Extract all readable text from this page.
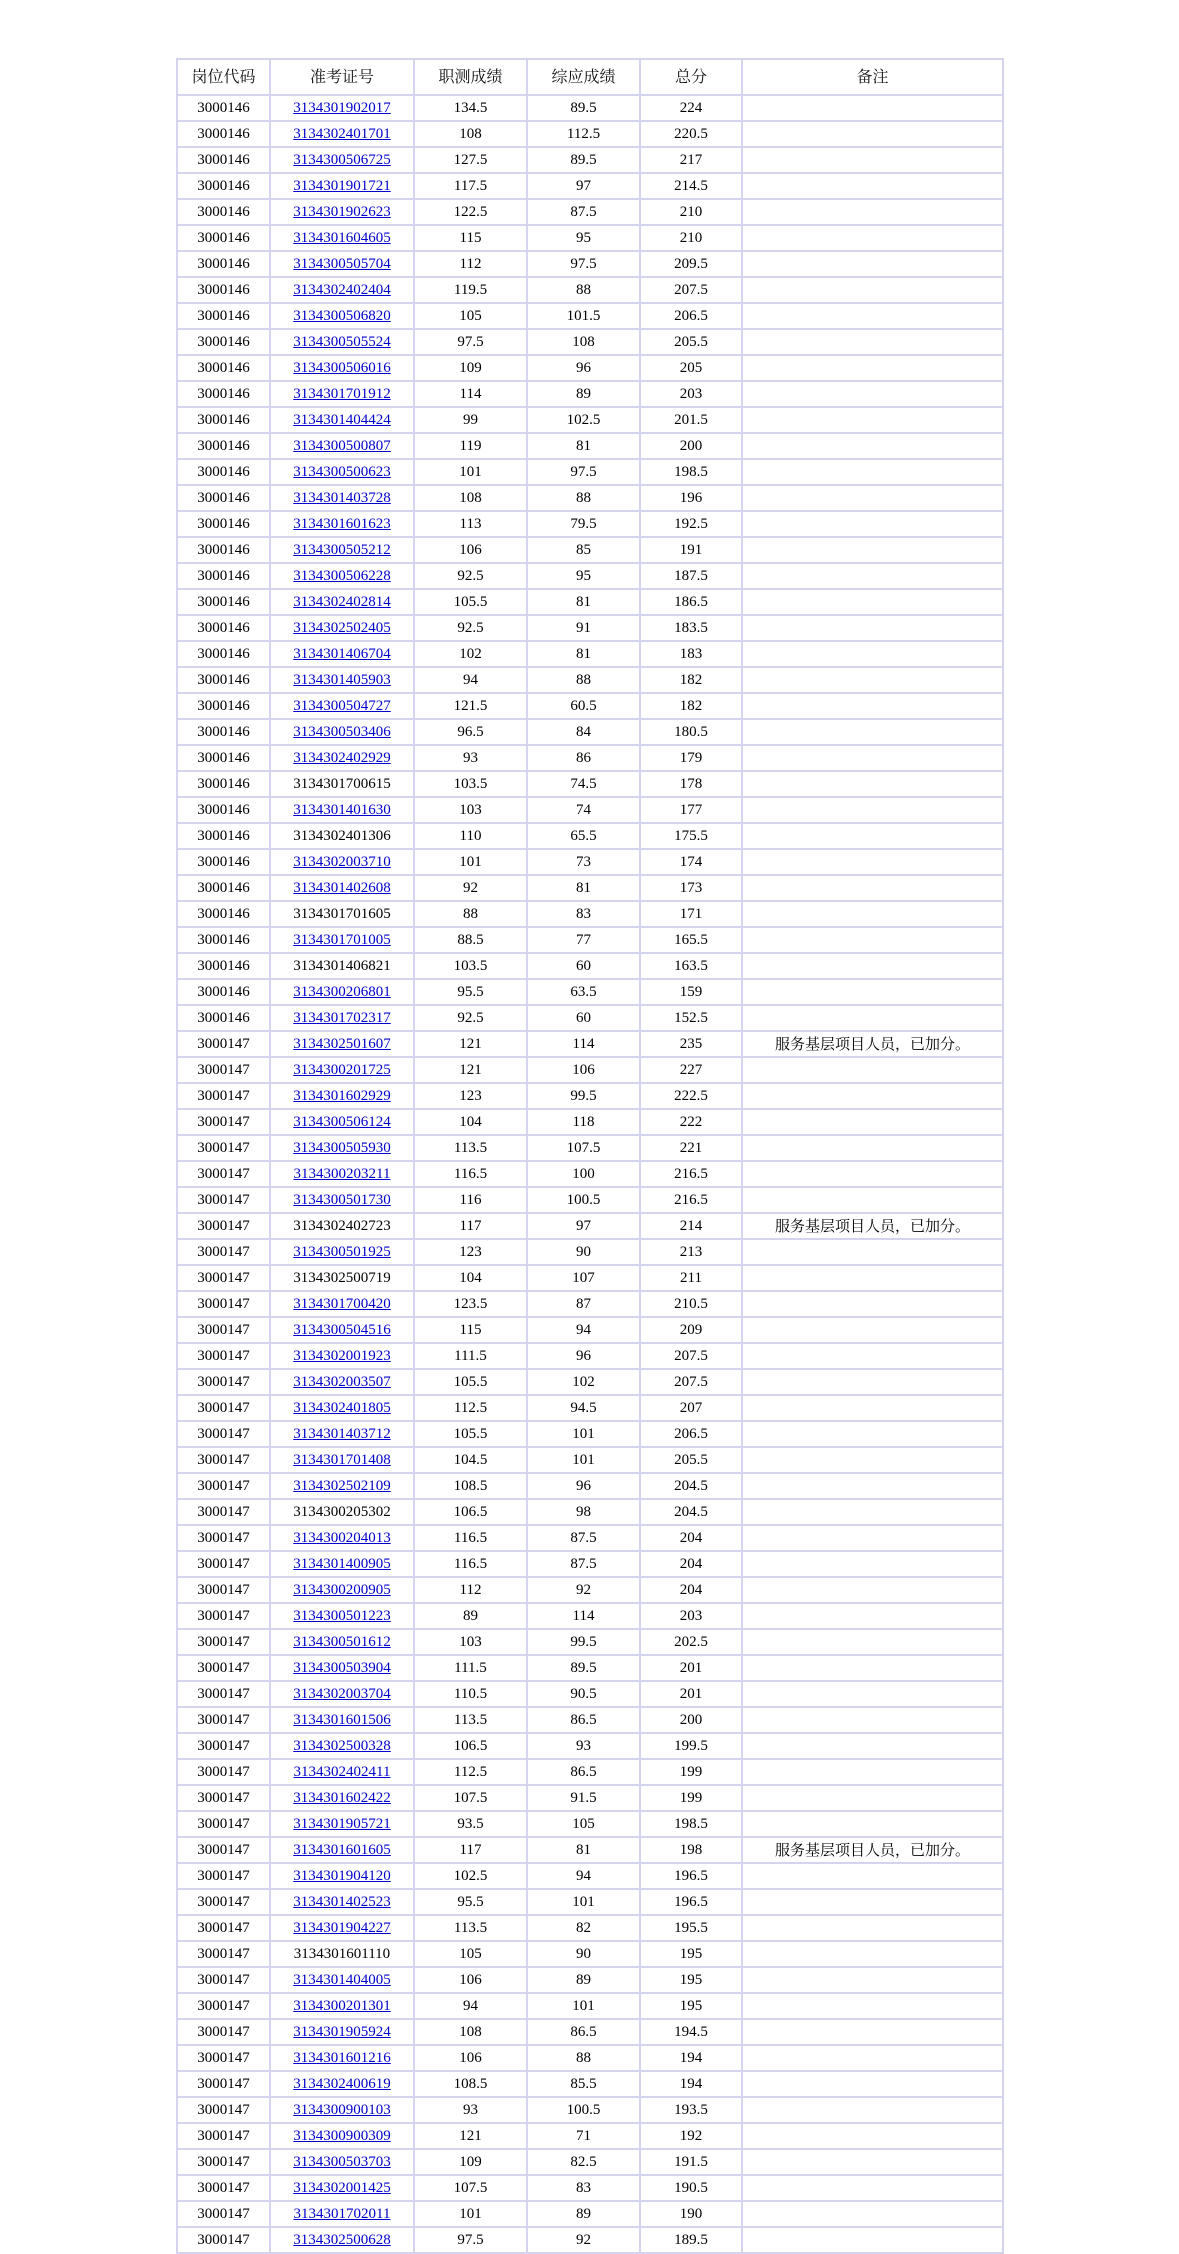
岗位代码	准考证号	职测成绩	综应成绩	总分	备注
3000146	3134301902017	134.5	89.5	224	
3000146	3134302401701	108	112.5	220.5	
3000146	3134300506725	127.5	89.5	217	
3000146	3134301901721	117.5	97	214.5	
3000146	3134301902623	122.5	87.5	210	
3000146	3134301604605	115	95	210	
3000146	3134300505704	112	97.5	209.5	
3000146	3134302402404	119.5	88	207.5	
3000146	3134300506820	105	101.5	206.5	
3000146	3134300505524	97.5	108	205.5	
3000146	3134300506016	109	96	205	
3000146	3134301701912	114	89	203	
3000146	3134301404424	99	102.5	201.5	
3000146	3134300500807	119	81	200	
3000146	3134300500623	101	97.5	198.5	
3000146	3134301403728	108	88	196	
3000146	3134301601623	113	79.5	192.5	
3000146	3134300505212	106	85	191	
3000146	3134300506228	92.5	95	187.5	
3000146	3134302402814	105.5	81	186.5	
3000146	3134302502405	92.5	91	183.5	
3000146	3134301406704	102	81	183	
3000146	3134301405903	94	88	182	
3000146	3134300504727	121.5	60.5	182	
3000146	3134300503406	96.5	84	180.5	
3000146	3134302402929	93	86	179	
3000146	3134301700615	103.5	74.5	178	
3000146	3134301401630	103	74	177	
3000146	3134302401306	110	65.5	175.5	
3000146	3134302003710	101	73	174	
3000146	3134301402608	92	81	173	
3000146	3134301701605	88	83	171	
3000146	3134301701005	88.5	77	165.5	
3000146	3134301406821	103.5	60	163.5	
3000146	3134300206801	95.5	63.5	159	
3000146	3134301702317	92.5	60	152.5	
3000147	3134302501607	121	114	235	服务基层项目人员，已加分。
3000147	3134300201725	121	106	227	
3000147	3134301602929	123	99.5	222.5	
3000147	3134300506124	104	118	222	
3000147	3134300505930	113.5	107.5	221	
3000147	3134300203211	116.5	100	216.5	
3000147	3134300501730	116	100.5	216.5	
3000147	3134302402723	117	97	214	服务基层项目人员，已加分。
3000147	3134300501925	123	90	213	
3000147	3134302500719	104	107	211	
3000147	3134301700420	123.5	87	210.5	
3000147	3134300504516	115	94	209	
3000147	3134302001923	111.5	96	207.5	
3000147	3134302003507	105.5	102	207.5	
3000147	3134302401805	112.5	94.5	207	
3000147	3134301403712	105.5	101	206.5	
3000147	3134301701408	104.5	101	205.5	
3000147	3134302502109	108.5	96	204.5	
3000147	3134300205302	106.5	98	204.5	
3000147	3134300204013	116.5	87.5	204	
3000147	3134301400905	116.5	87.5	204	
3000147	3134300200905	112	92	204	
3000147	3134300501223	89	114	203	
3000147	3134300501612	103	99.5	202.5	
3000147	3134300503904	111.5	89.5	201	
3000147	3134302003704	110.5	90.5	201	
3000147	3134301601506	113.5	86.5	200	
3000147	3134302500328	106.5	93	199.5	
3000147	3134302402411	112.5	86.5	199	
3000147	3134301602422	107.5	91.5	199	
3000147	3134301905721	93.5	105	198.5	
3000147	3134301601605	117	81	198	服务基层项目人员，已加分。
3000147	3134301904120	102.5	94	196.5	
3000147	3134301402523	95.5	101	196.5	
3000147	3134301904227	113.5	82	195.5	
3000147	3134301601110	105	90	195	
3000147	3134301404005	106	89	195	
3000147	3134300201301	94	101	195	
3000147	3134301905924	108	86.5	194.5	
3000147	3134301601216	106	88	194	
3000147	3134302400619	108.5	85.5	194	
3000147	3134300900103	93	100.5	193.5	
3000147	3134300900309	121	71	192	
3000147	3134300503703	109	82.5	191.5	
3000147	3134302001425	107.5	83	190.5	
3000147	3134301702011	101	89	190	
3000147	3134302500628	97.5	92	189.5	
